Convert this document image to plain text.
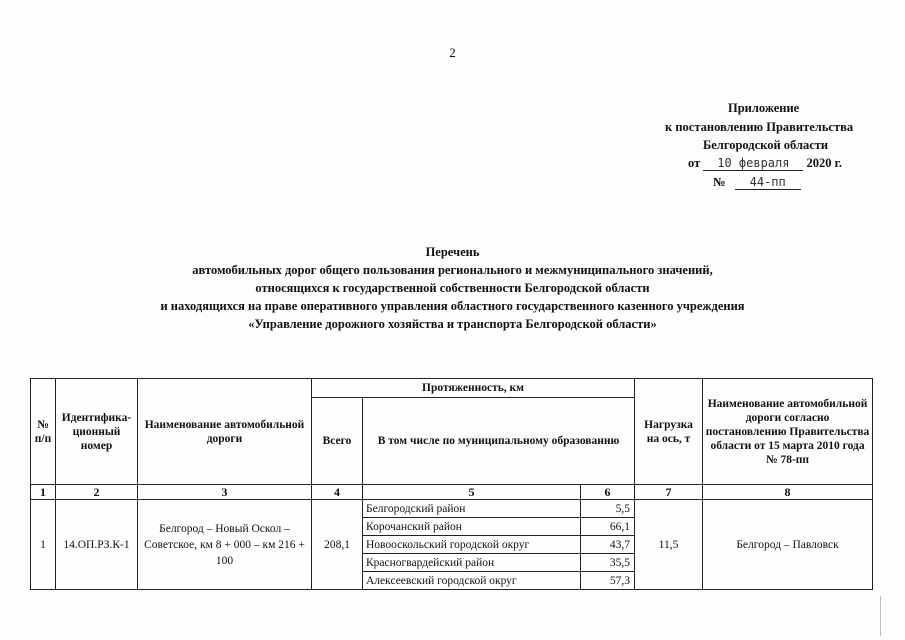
2
Приложение
к постановлению Правительства
Белгородской области
от 10 февраля 2020 г.
№ 44-пп
Перечень
автомобильных дорог общего пользования регионального и межмуниципального значений,
относящихся к государственной собственности Белгородской области
и находящихся на праве оперативного управления областного государственного казенного учреждения
«Управление дорожного хозяйства и транспорта Белгородской области»
№ п/п	Идентифика-ционный номер	Наименование автомобильной дороги	Протяженность, км			Нагрузка на ось, т	Наименование автомобильной дороги согласно постановлению Правительства области от 15 марта 2010 года № 78-пп
			Всего	В том числе по муниципальному образованию			
1	2	3	4	5	6	7	8
1	14.ОП.РЗ.К-1	Белгород – Новый Оскол – Советское, км 8 + 000 – км 216 + 100	208,1	Белгородский район	5,5	11,5	Белгород – Павловск
				Корочанский район	66,1		
				Новооскольский городской округ	43,7		
				Красногвардейский район	35,5		
				Алексеевский городской округ	57,3		
